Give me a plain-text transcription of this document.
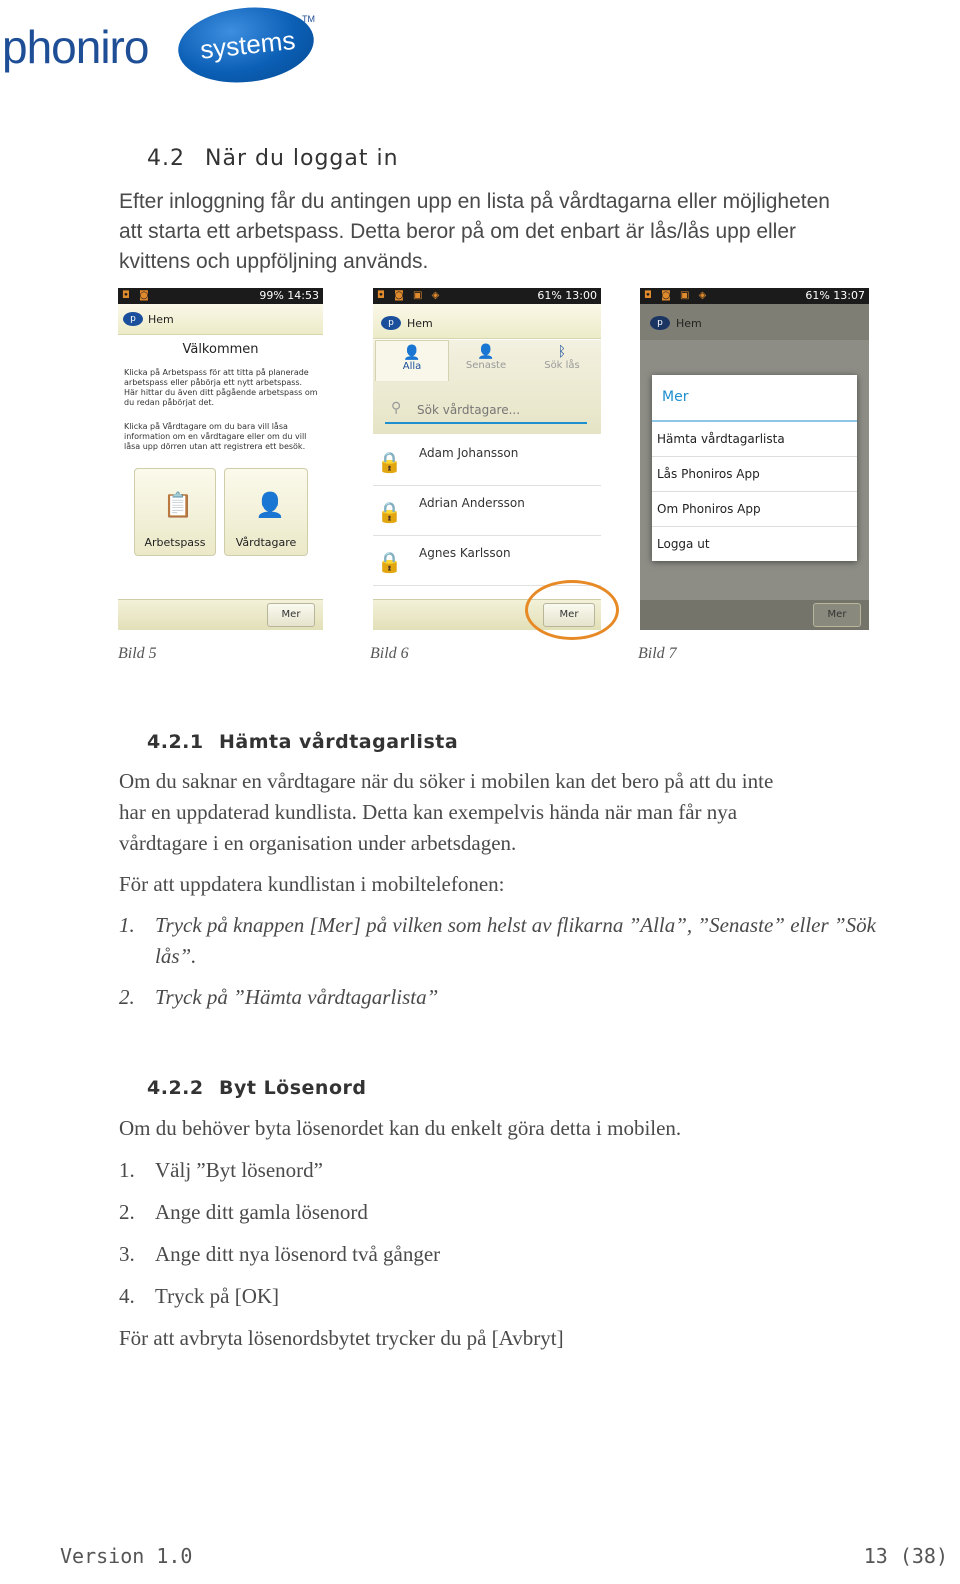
phoniro systems
TM
4.2 När du loggat in
Efter inloggning får du antingen upp en lista på vårdtagarna eller möjligheten
att starta ett arbetspass. Detta beror på om det enbart är lås/lås upp eller
kvittens och uppföljning används.
◘ ◙	99% 14:53
p	Hem
Välkommen
Klicka på Arbetspass för att titta på planerade arbetspass eller påbörja ett nytt arbetspass. Här hittar du även ditt pågående arbetspass om du redan påbörjat det.
Klicka på Vårdtagare om du bara vill låsa information om en vårdtagare eller om du vill låsa upp dörren utan att registrera ett besök.
📋
Arbetspass
👤
Vårdtagare
Mer
◘ ◙ ▣ ◈	61% 13:00
p	Hem
👤
Alla
👤
Senaste
ᛒ
Sök lås
⚲ Sök vårdtagare...
🔒 Adam Johansson
🔒 Adrian Andersson
🔒 Agnes Karlsson
Mer
◘ ◙ ▣ ◈	61% 13:07
p	Hem
Mer
Hämta vårdtagarlista
Lås Phoniros App
Om Phoniros App
Logga ut
Mer
Bild 5	Bild 6	Bild 7
4.2.1 Hämta vårdtagarlista
Om du saknar en vårdtagare när du söker i mobilen kan det bero på att du inte
har en uppdaterad kundlista. Detta kan exempelvis hända när man får nya
vårdtagare i en organisation under arbetsdagen.
För att uppdatera kundlistan i mobiltelefonen:
1. Tryck på knappen [Mer] på vilken som helst av flikarna ”Alla”, ”Senaste” eller ”Sök
lås”.
2. Tryck på ”Hämta vårdtagarlista”
4.2.2 Byt Lösenord
Om du behöver byta lösenordet kan du enkelt göra detta i mobilen.
1. Välj ”Byt lösenord”
2. Ange ditt gamla lösenord
3. Ange ditt nya lösenord två gånger
4. Tryck på [OK]
För att avbryta lösenordsbytet trycker du på [Avbryt]
Version 1.0	13 (38)
